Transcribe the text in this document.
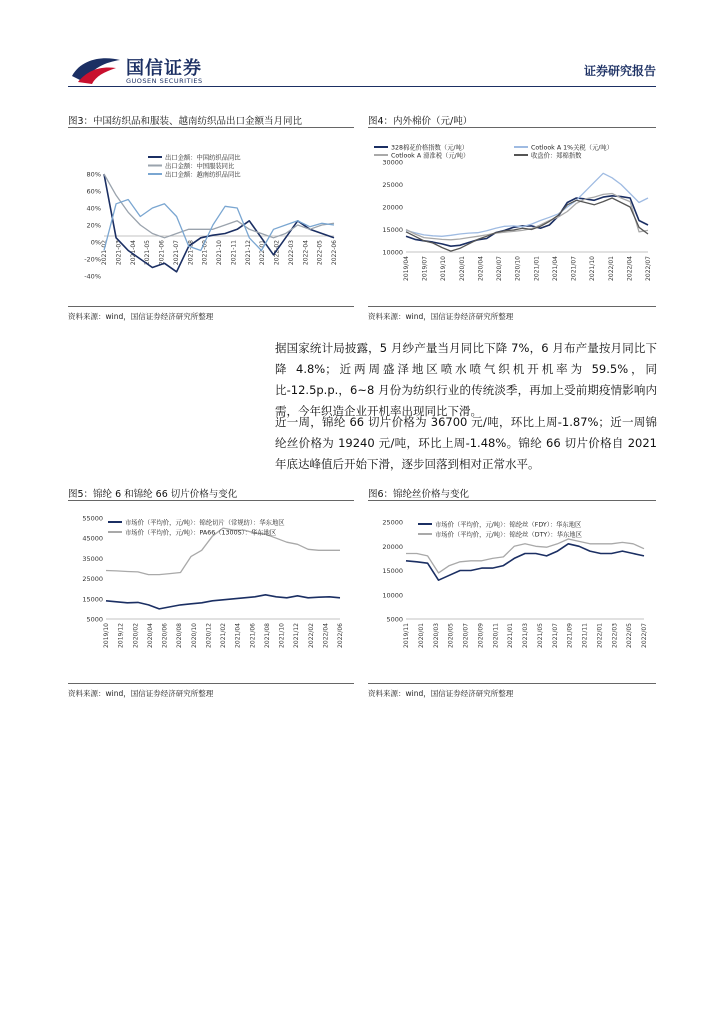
国信证券
GUOSEN SECURITIES
证券研究报告
图3：中国纺织品和服装、越南纺织品出口金额当月同比
80%
60%
40%
20%
0%
-20%
-40%
2021-02 2021-03 2021-04 2021-05 2021-06 2021-07 2021-08 2021-09 2021-10 2021-11 2021-12 2022-01 2022-02 2022-03 2022-04 2022-05 2022-06
出口金额：中国纺织品同比
出口金额：中国服装同比
出口金额：越南纺织品同比
资料来源：wind，国信证券经济研究所整理
图4：内外棉价（元/吨）
30000
25000
20000
15000
10000
2019/04 2019/07 2019/10 2020/01 2020/04 2020/07 2020/10 2021/01 2021/04 2021/07 2021/10 2022/01 2022/04 2022/07
328棉花价格指数（元/吨）	Cotlook A 1%关税（元/吨）
Cotlook A 滑准税（元/吨）	收盘价：郑棉指数
资料来源：wind，国信证券经济研究所整理
据国家统计局披露，5 月纱产量当月同比下降 7%，6 月布产量按月同比下降 4.8%；近两周盛泽地区喷水喷气织机开机率为 59.5%，同比-12.5p.p.，6~8 月份为纺织行业的传统淡季，再加上受前期疫情影响内需，今年织造企业开机率出现同比下滑。
近一周，锦纶 66 切片价格为 36700 元/吨，环比上周-1.87%；近一周锦纶丝价格为 19240 元/吨，环比上周-1.48%。锦纶 66 切片价格自 2021 年底达峰值后开始下滑，逐步回落到相对正常水平。
图5：锦纶 6 和锦纶 66 切片价格与变化
55000
45000
35000
25000
15000
5000
2019/10 2019/12 2020/02 2020/04 2020/06 2020/08 2020/10 2020/12 2021/02 2021/04 2021/06 2021/08 2021/10 2021/12 2022/02 2022/04 2022/06
市场价（平均价，元/吨）：锦纶切片（常规纺）：华东地区
市场价（平均价，元/吨）：PA66（1300S）：华东地区
资料来源：wind，国信证券经济研究所整理
图6：锦纶丝价格与变化
25000
20000
15000
10000
5000
2019/11 2020/01 2020/03 2020/05 2020/07 2020/09 2020/11 2021/01 2021/03 2021/05 2021/07 2021/09 2021/11 2022/01 2022/03 2022/05 2022/07
市场价（平均价，元/吨）：锦纶丝（FDY）：华东地区
市场价（平均价，元/吨）：锦纶丝（DTY）：华东地区
资料来源：wind，国信证券经济研究所整理
